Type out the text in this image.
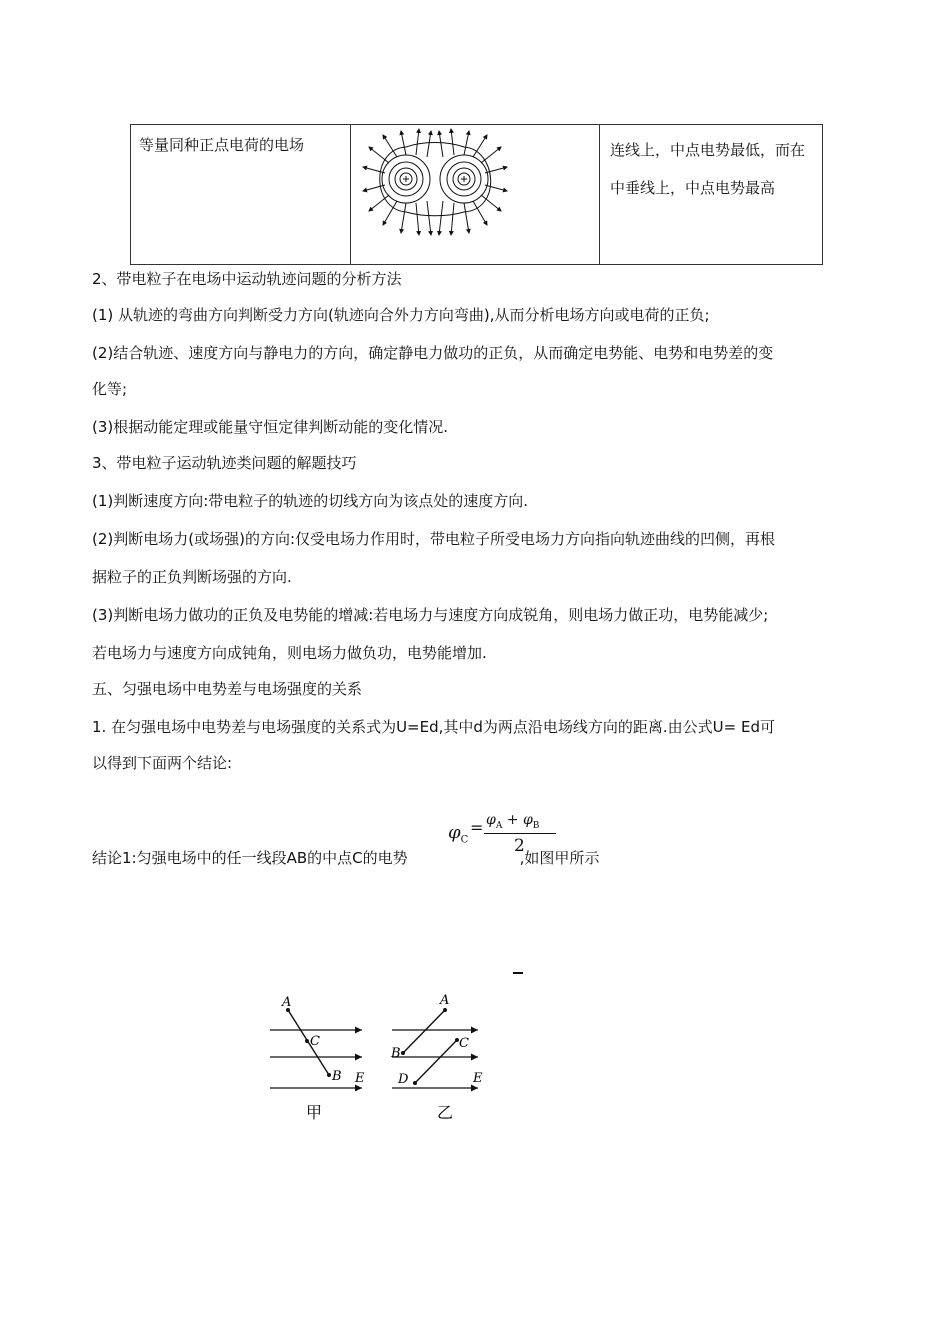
等量同种正点电荷的电场		连线上，中点电势最低，而在
中垂线上，中点电势最高
2、带电粒子在电场中运动轨迹问题的分析方法
(1) 从轨迹的弯曲方向判断受力方向(轨迹向合外力方向弯曲),从而分析电场方向或电荷的正负;
(2)结合轨迹、速度方向与静电力的方向，确定静电力做功的正负，从而确定电势能、电势和电势差的变
化等;
(3)根据动能定理或能量守恒定律判断动能的变化情况.
3、带电粒子运动轨迹类问题的解题技巧
(1)判断速度方向:带电粒子的轨迹的切线方向为该点处的速度方向.
(2)判断电场力(或场强)的方向:仅受电场力作用时，带电粒子所受电场力方向指向轨迹曲线的凹侧，再根
据粒子的正负判断场强的方向.
(3)判断电场力做功的正负及电势能的增减:若电场力与速度方向成锐角，则电场力做正功，电势能减少;
若电场力与速度方向成钝角，则电场力做负功，电势能增加.
五、匀强电场中电势差与电场强度的关系
1. 在匀强电场中电势差与电场强度的关系式为U=Ed,其中d为两点沿电场线方向的距离.由公式U= Ed可
以得到下面两个结论:
结论1:匀强电场中的任一线段AB的中点C的电势	,如图甲所示
$\varphi_C$
= $\varphi_A + \varphi_B$
2
A
C
B E
甲
A
B
C
D	E
乙
